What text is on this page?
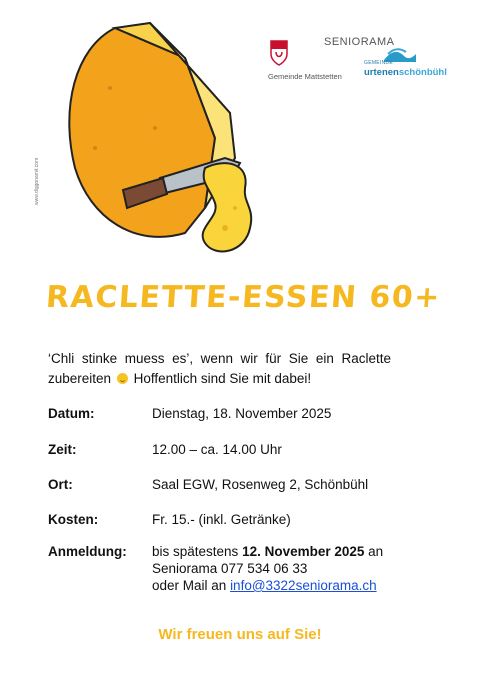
www.diggonamit.com
SENIORAMA
Gemeinde Mattstetten
GEMEINDE
urtenenschönbühl
RACLETTE-ESSEN 60+
‘Chli stinke muess es’, wenn wir für Sie ein Raclette zubereiten Hoffentlich sind Sie mit dabei!
Datum:	Dienstag, 18. November 2025
Zeit:	12.00 – ca. 14.00 Uhr
Ort:	Saal EGW, Rosenweg 2, Schönbühl
Kosten:	Fr. 15.- (inkl. Getränke)
Anmeldung: bis spätestens 12. November 2025 an
Seniorama 077 534 06 33
oder Mail an info@3322seniorama.ch
Wir freuen uns auf Sie!
